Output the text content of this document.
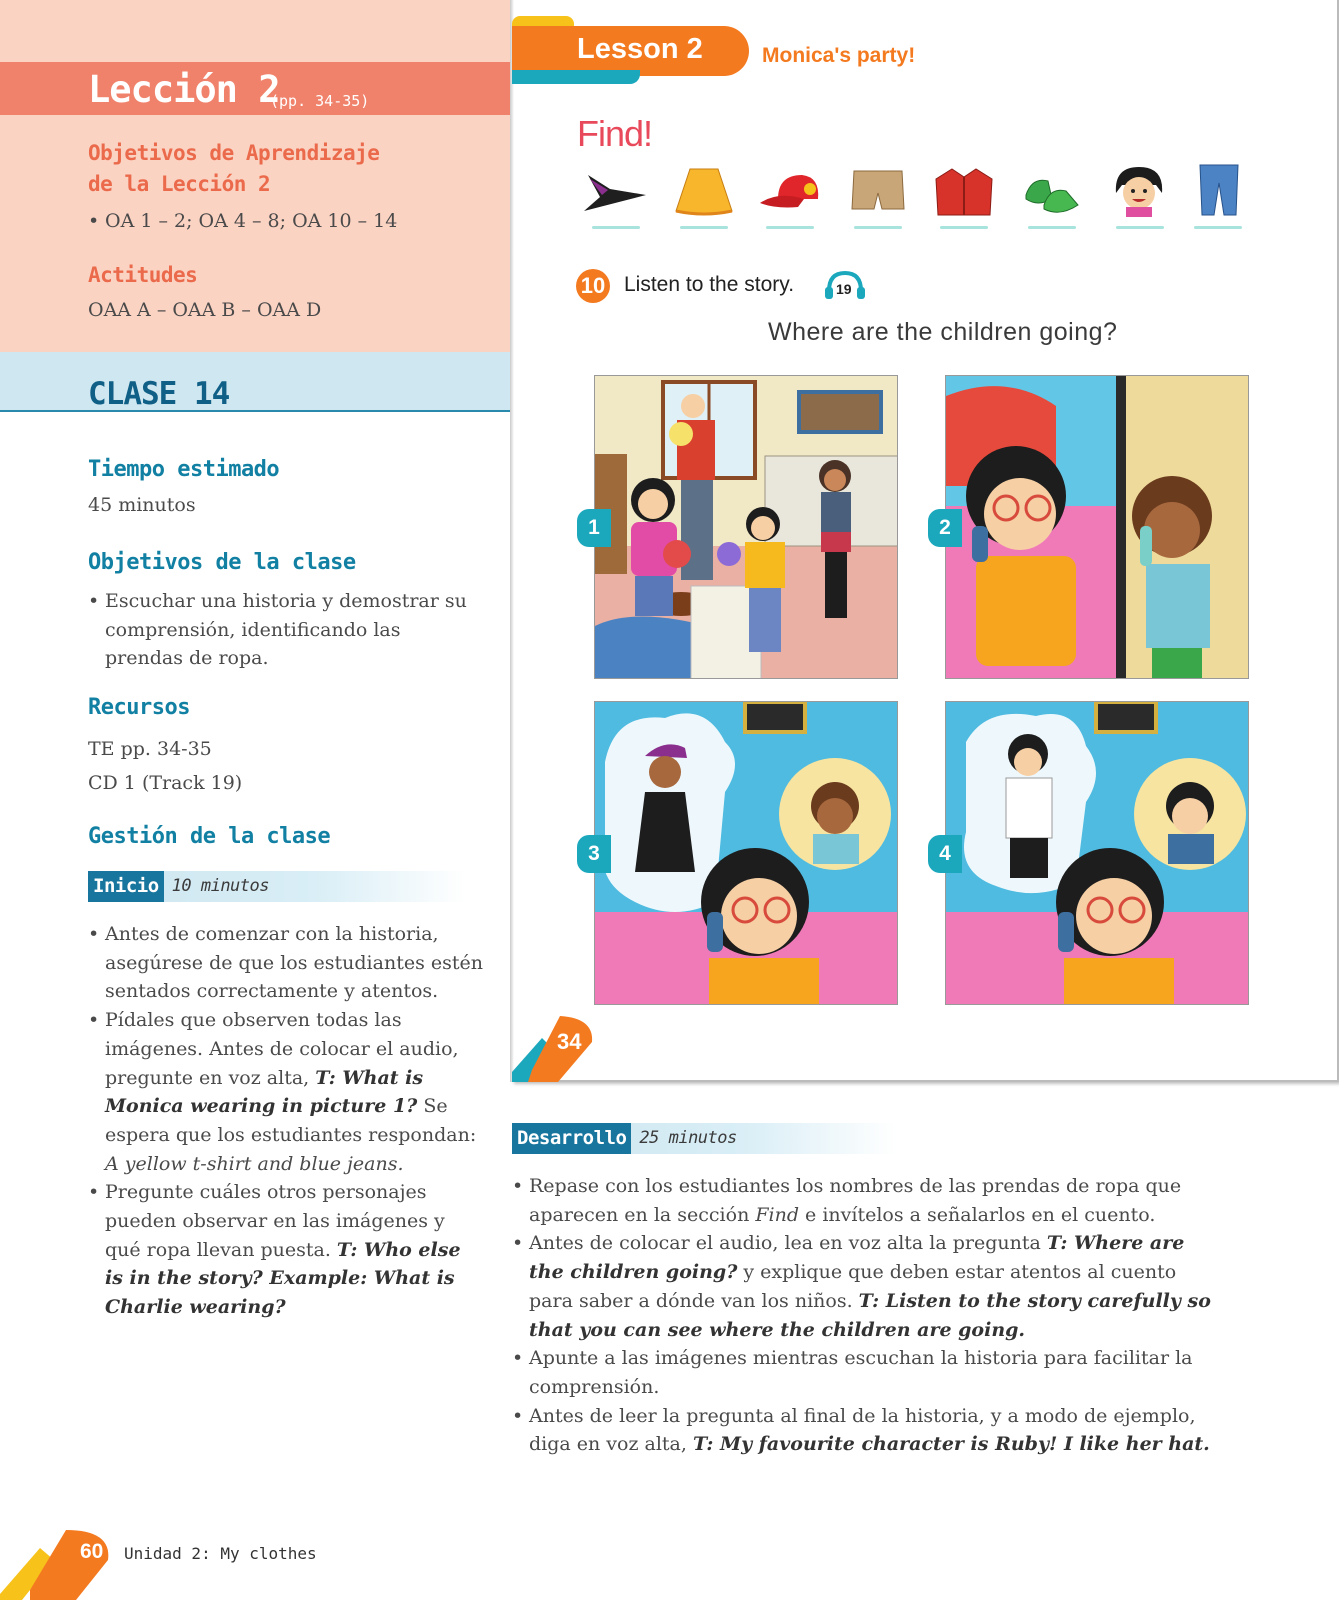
Lección 2
(pp. 34-35)
Objetivos de Aprendizaje
de la Lección 2
• OA 1 – 2; OA 4 – 8; OA 10 – 14
Actitudes
OAA A – OAA B – OAA D
CLASE 14
Tiempo estimado
45 minutos
Objetivos de la clase
• Escuchar una historia y demostrar su comprensión, identificando las prendas de ropa.
Recursos
TE pp. 34-35
CD 1 (Track 19)
Gestión de la clase
Inicio 10 minutos
• Antes de comenzar con la historia, asegúrese de que los estudiantes estén sentados correctamente y atentos.
• Pídales que observen todas las imágenes. Antes de colocar el audio, pregunte en voz alta, T: What is Monica wearing in picture 1? Se espera que los estudiantes respondan: A yellow t-shirt and blue jeans.
• Pregunte cuáles otros personajes pueden observar en las imágenes y qué ropa llevan puesta. T: Who else is in the story? Example: What is Charlie wearing?
Lesson 2	Monica's party!
Find!
10 Listen to the story.	19
Where are the children going?
1	2
3	4
34
Desarrollo 25 minutos
• Repase con los estudiantes los nombres de las prendas de ropa que aparecen en la sección Find e invítelos a señalarlos en el cuento.
• Antes de colocar el audio, lea en voz alta la pregunta T: Where are the children going? y explique que deben estar atentos al cuento para saber a dónde van los niños. T: Listen to the story carefully so that you can see where the children are going.
• Apunte a las imágenes mientras escuchan la historia para facilitar la comprensión.
• Antes de leer la pregunta al final de la historia, y a modo de ejemplo, diga en voz alta, T: My favourite character is Ruby! I like her hat.
60 Unidad 2: My clothes
